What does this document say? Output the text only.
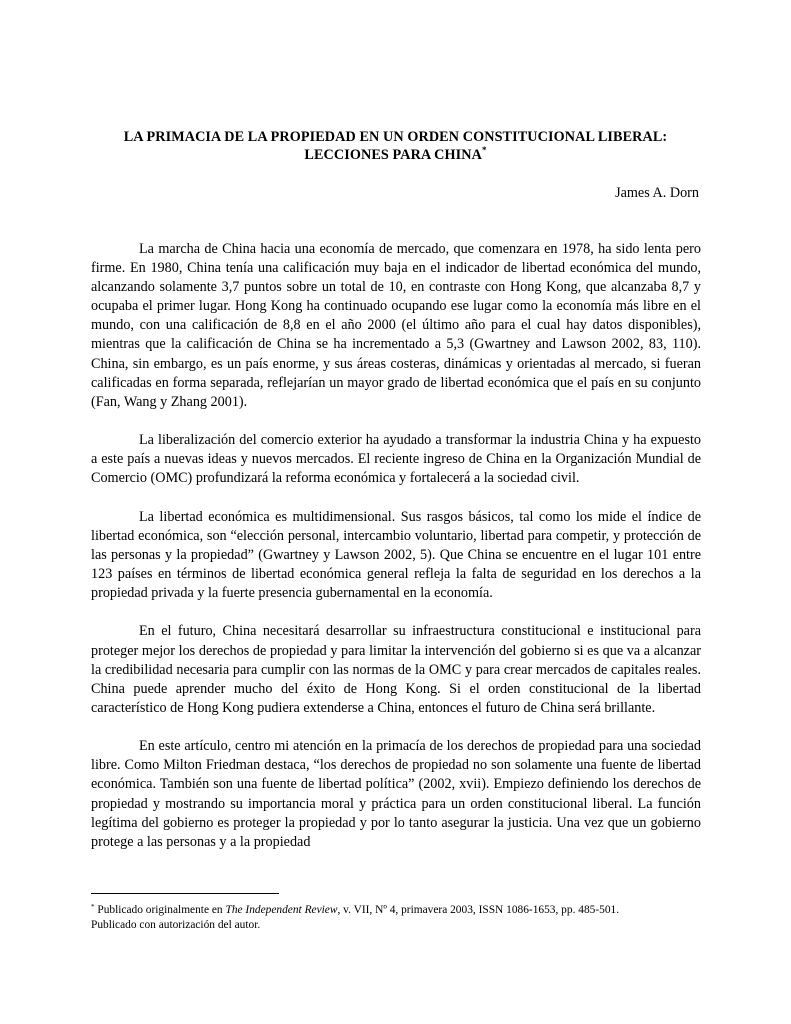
LA PRIMACIA DE LA PROPIEDAD EN UN ORDEN CONSTITUCIONAL LIBERAL:
LECCIONES PARA CHINA*
James A. Dorn

La marcha de China hacia una economía de mercado, que comenzara en 1978, ha sido lenta pero firme. En 1980, China tenía una calificación muy baja en el indicador de libertad económica del mundo, alcanzando solamente 3,7 puntos sobre un total de 10, en contraste con Hong Kong, que alcanzaba 8,7 y ocupaba el primer lugar. Hong Kong ha continuado ocupando ese lugar como la economía más libre en el mundo, con una calificación de 8,8 en el año 2000 (el último año para el cual hay datos disponibles), mientras que la calificación de China se ha incrementado a 5,3 (Gwartney and Lawson 2002, 83, 110). China, sin embargo, es un país enorme, y sus áreas costeras, dinámicas y orientadas al mercado, si fueran calificadas en forma separada, reflejarían un mayor grado de libertad económica que el país en su conjunto (Fan, Wang y Zhang 2001).

La liberalización del comercio exterior ha ayudado a transformar la industria China y ha expuesto a este país a nuevas ideas y nuevos mercados. El reciente ingreso de China en la Organización Mundial de Comercio (OMC) profundizará la reforma económica y fortalecerá a la sociedad civil.

La libertad económica es multidimensional. Sus rasgos básicos, tal como los mide el índice de libertad económica, son “elección personal, intercambio voluntario, libertad para competir, y protección de las personas y la propiedad” (Gwartney y Lawson 2002, 5). Que China se encuentre en el lugar 101 entre 123 países en términos de libertad económica general refleja la falta de seguridad en los derechos a la propiedad privada y la fuerte presencia gubernamental en la economía.

En el futuro, China necesitará desarrollar su infraestructura constitucional e institucional para proteger mejor los derechos de propiedad y para limitar la intervención del gobierno si es que va a alcanzar la credibilidad necesaria para cumplir con las normas de la OMC y para crear mercados de capitales reales. China puede aprender mucho del éxito de Hong Kong. Si el orden constitucional de la libertad característico de Hong Kong pudiera extenderse a China, entonces el futuro de China será brillante.

En este artículo, centro mi atención en la primacía de los derechos de propiedad para una sociedad libre. Como Milton Friedman destaca, “los derechos de propiedad no son solamente una fuente de libertad económica. También son una fuente de libertad política” (2002, xvii). Empiezo definiendo los derechos de propiedad y mostrando su importancia moral y práctica para un orden constitucional liberal. La función legítima del gobierno es proteger la propiedad y por lo tanto asegurar la justicia. Una vez que un gobierno protege a las personas y a la propiedad

* Publicado originalmente en The Independent Review, v. VII, Nº 4, primavera 2003, ISSN 1086-1653, pp. 485-501.
Publicado con autorización del autor.
